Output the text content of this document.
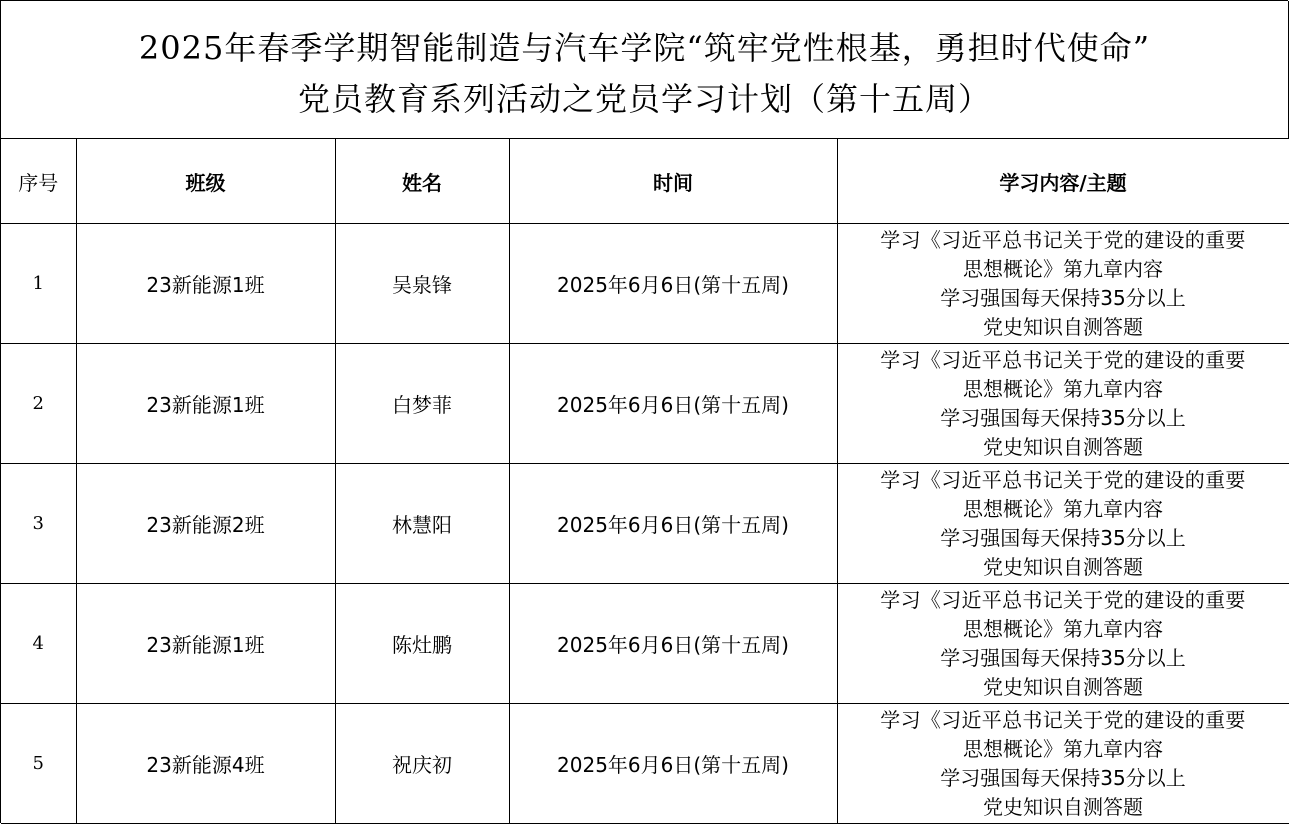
2025年春季学期智能制造与汽车学院“筑牢党性根基，勇担时代使命”
党员教育系列活动之党员学习计划（第十五周）
序号	班级	姓名	时间	学习内容/主题
1	23新能源1班	吴泉锋	2025年6月6日(第十五周)	学习《习近平总书记关于党的建设的重要
思想概论》第九章内容
学习强国每天保持35分以上
党史知识自测答题

2	23新能源1班	白梦菲	2025年6月6日(第十五周)	学习《习近平总书记关于党的建设的重要
思想概论》第九章内容
学习强国每天保持35分以上
党史知识自测答题

3	23新能源2班	林慧阳	2025年6月6日(第十五周)	学习《习近平总书记关于党的建设的重要
思想概论》第九章内容
学习强国每天保持35分以上
党史知识自测答题

4	23新能源1班	陈灶鹏	2025年6月6日(第十五周)	学习《习近平总书记关于党的建设的重要
思想概论》第九章内容
学习强国每天保持35分以上
党史知识自测答题

5	23新能源4班	祝庆初	2025年6月6日(第十五周)	学习《习近平总书记关于党的建设的重要
思想概论》第九章内容
学习强国每天保持35分以上
党史知识自测答题
